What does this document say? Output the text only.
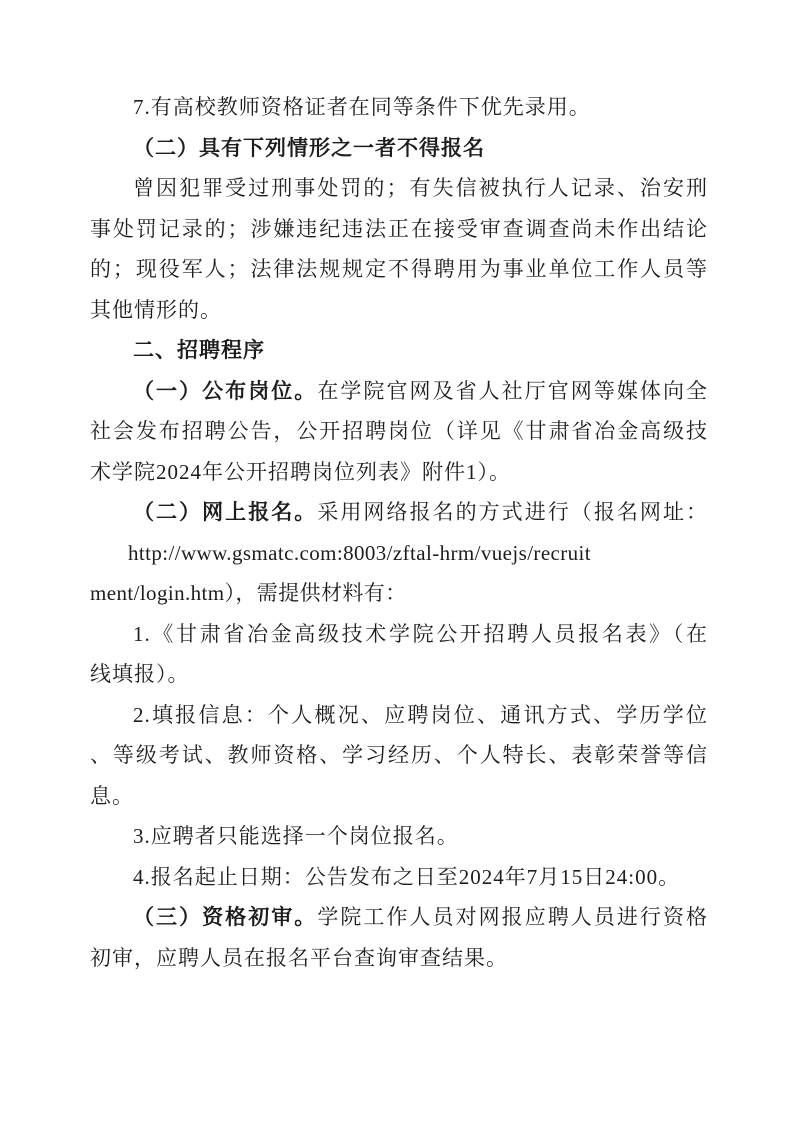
7.有高校教师资格证者在同等条件下优先录用。
（二）具有下列情形之一者不得报名
曾因犯罪受过刑事处罚的；有失信被执行人记录、治安刑
事处罚记录的；涉嫌违纪违法正在接受审查调查尚未作出结论
的；现役军人；法律法规规定不得聘用为事业单位工作人员等
其他情形的。
二、招聘程序
（一）公布岗位。在学院官网及省人社厅官网等媒体向全
社会发布招聘公告，公开招聘岗位（详见《甘肃省冶金高级技
术学院2024年公开招聘岗位列表》附件1）。
（二）网上报名。采用网络报名的方式进行（报名网址：
http://www.gsmatc.com:8003/zftal-hrm/vuejs/recruit
ment/login.htm），需提供材料有：
1.《甘肃省冶金高级技术学院公开招聘人员报名表》（在
线填报）。
2.填报信息：个人概况、应聘岗位、通讯方式、学历学位
、等级考试、教师资格、学习经历、个人特长、表彰荣誉等信
息。
3.应聘者只能选择一个岗位报名。
4.报名起止日期：公告发布之日至2024年7月15日24:00。
（三）资格初审。学院工作人员对网报应聘人员进行资格
初审，应聘人员在报名平台查询审查结果。
